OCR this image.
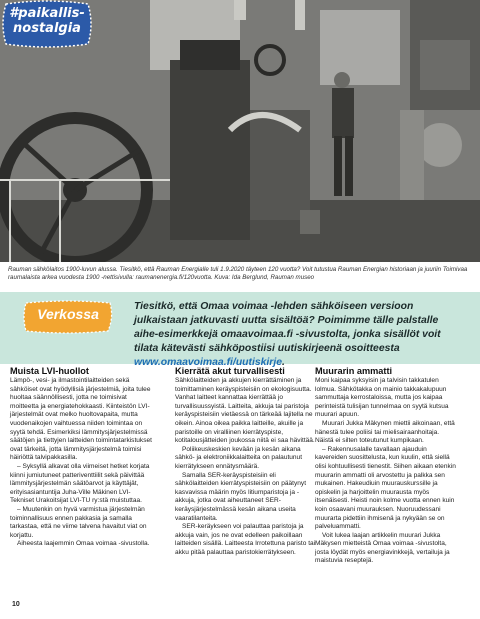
#paikallis-
nostalgia
Rauman sähkölaitos 1900-luvun alussa. Tiesitkö, että Rauman Energialle tuli 1.9.2020 täyteen 120 vuotta? Voit tutustua Rauman Energian historiaan ja juuriin Toimivaa raumalaista arkea vuodesta 1900 -nettisivulla: raumanenergia.fi/120vuotta. Kuva: Ida Berglund, Rauman museo
Verkossa	Tiesitkö, että Omaa voimaa -lehden sähköiseen versioon julkaistaan jatkuvasti uutta sisältöä? Poimimme tälle palstalle aihe-esimerkkejä omaavoimaa.fi -sivustolta, jonka sisällöt voit tilata kätevästi sähköpostiisi uutiskirjeenä osoitteesta www.omaavoimaa.fi/uutiskirje.
Muista LVI-huollot

Lämpö-, vesi- ja ilmastointilaitteiden sekä sähköiset ovat hyödyllisiä järjestelmiä, joita tulee huoltaa säännöllisesti, jotta ne toimisivat moitteetta ja energiatehokkaasti. Kiinteistön LVI-järjestelmät ovat melko huoltovapaita, mutta vuodenaikojen vaihtuessa niiden toimintaa on syytä tehdä. Esimerkiksi lämmitysjärjestelmissä säätöjen ja tiettyjen laitteiden toimintatarkistukset ovat tärkeitä, jotta lämmitysjärjestelmä toimisi häiriöttä talvipakkasilla.

– Syksyllä alkavat olla viimeiset hetket korjata kiinni jumiutuneet patteriventtiilit sekä päivittää lämmitysjärjestelmän säätöarvot ja käyttäjät, erityisasiantuntija Juha-Ville Mäkinen LVI-Tekniset Urakoitsijat LVI-TU ry:stä muistuttaa.

– Muutenkin on hyvä varmistua järjestelmän toiminnallisuus ennen pakkasia ja samalla tarkastaa, että ne viime talvena havaitut viat on korjattu.

Aiheesta laajemmin Omaa voimaa -sivustolla.

Kierrätä akut turvallisesti

Sähkölaitteiden ja akkujen kierrättäminen ja toimittaminen keräyspisteisiin on ekologisuutta. Vanhat laitteet kannattaa kierrättää jo turvallisuussyistä. Laitteita, akkuja tai paristoja keräyspisteisiin vietäessä on tärkeää lajitella ne oikein. Ainoa oikea paikka laitteille, akuille ja paristoille on viralliinen kierrätyspiste, kotitalousjätteiden joukossa niitä ei saa hävittää.

Poliikeuskeskien kevään ja kesän aikana sähkö- ja elektroniikkalaitteita on palautunut kierrätykseen ennätysmäärä.

Samalla SER-keräyspisteisiin eli sähkölaitteiden kierrätyspisteisiin on päätynyt kasvavissa määrin myös litiumparistoja ja -akkuja, jotka ovat aiheuttaneet SER-keräysjärjestelmässä kesän aikana useita vaaratilanteita.

SER-keräykseen voi palauttaa paristoja ja akkuja vain, jos ne ovat edelleen paikoillaan laitteiden sisällä. Laitteesta Irrotettuna paristo tai akku pitää palauttaa paristokierrätykseen.

Muurarin ammatti

Moni kaipaa syksyisin ja talvisin takkatulen lolmua. Sähkötakka on mainio takkakalupuun sammuttaja kerrostaloissa, mutta jos kaipaa perinteistä tulisijan tunnelmaa on syytä kutsua muurari apuun.

Muurari Jukka Mäkynen miettii aikoinaan, että hänestä tulee poliisi tai mielisairaanhoitaja. Näistä ei silten toteutunut kumpikaan.

– Rakennusalalle tavallaan ajauduin kavereiden suosittelusta, kun kuulin, että siellä olisi kohtuullisesti tienestit. Siihen aikaan etenkin muurarin ammatti oli arvostettu ja palkka sen mukainen. Hakeudiuin muurauskurssille ja opiskelin ja harjoittelin muurausta myös itsenäisesti. Heisti noin kolme vuotta ennen kuin koin osaavani muurauksen. Nuoruudessani muurarta pidettiin ihmisenä ja nykyään se on palveluammatti.

Voit lukea laajan artikkelin muurari Jukka Mäkysen mietteistä Omaa voimaa -sivustolta, josta löydät myös energiavinkkejä, vertailuja ja maistuvia reseptejä.

10
